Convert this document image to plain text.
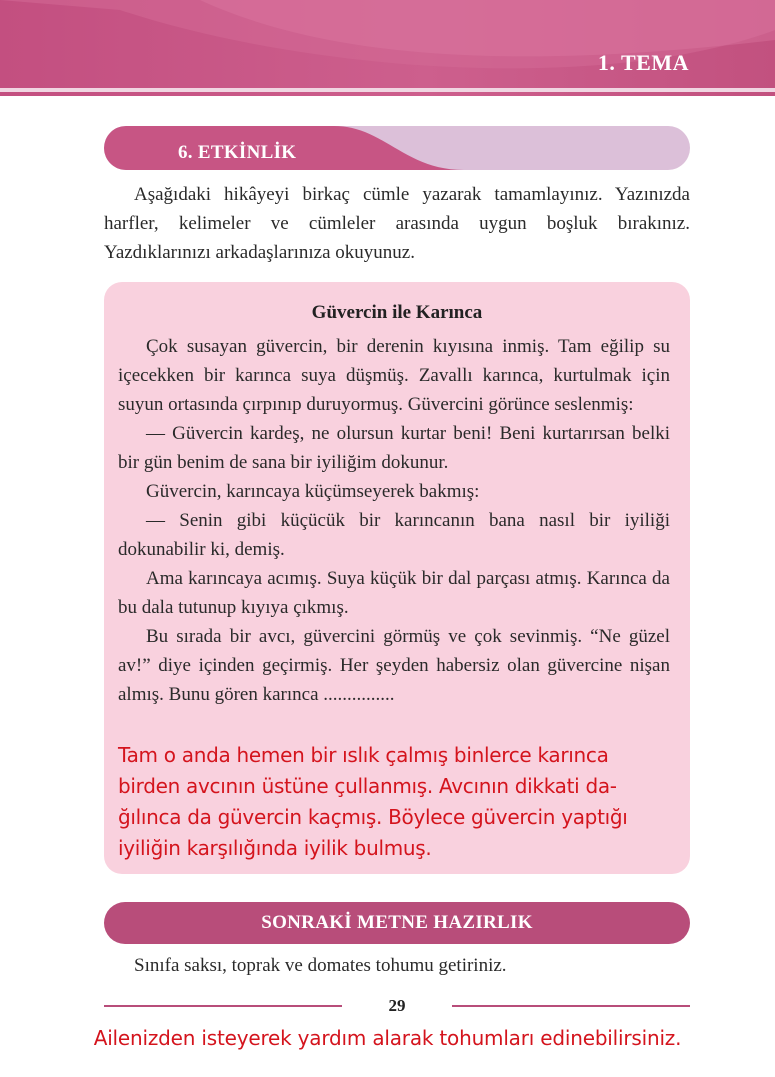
1. TEMA
6. ETKİNLİK
Aşağıdaki hikâyeyi birkaç cümle yazarak tamamlayınız. Yazınızda harfler, kelimeler ve cümleler arasında uygun boşluk bırakınız. Yazdıklarınızı arkadaşlarınıza okuyunuz.
Güvercin ile Karınca

Çok susayan güvercin, bir derenin kıyısına inmiş. Tam eğilip su içecekken bir karınca suya düşmüş. Zavallı karınca, kurtulmak için suyun ortasında çırpınıp duruyormuş. Güvercini görünce seslenmiş:

— Güvercin kardeş, ne olursun kurtar beni! Beni kurtarırsan belki bir gün benim de sana bir iyiliğim dokunur.

Güvercin, karıncaya küçümseyerek bakmış:

— Senin gibi küçücük bir karıncanın bana nasıl bir iyiliği dokunabilir ki, demiş.

Ama karıncaya acımış. Suya küçük bir dal parçası atmış. Karınca da bu dala tutunup kıyıya çıkmış.

Bu sırada bir avcı, güvercini görmüş ve çok sevinmiş. “Ne güzel av!” diye içinden geçirmiş. Her şeyden habersiz olan güvercine nişan almış. Bunu gören karınca ...............

Tam o anda hemen bir ıslık çalmış binlerce karınca
birden avcının üstüne çullanmış. Avcının dikkati da-
ğılınca da güvercin kaçmış. Böylece güvercin yaptığı
iyiliğin karşılığında iyilik bulmuş.
SONRAKİ METNE HAZIRLIK
Sınıfa saksı, toprak ve domates tohumu getiriniz.
29
Ailenizden isteyerek yardım alarak tohumları edinebilirsiniz.
